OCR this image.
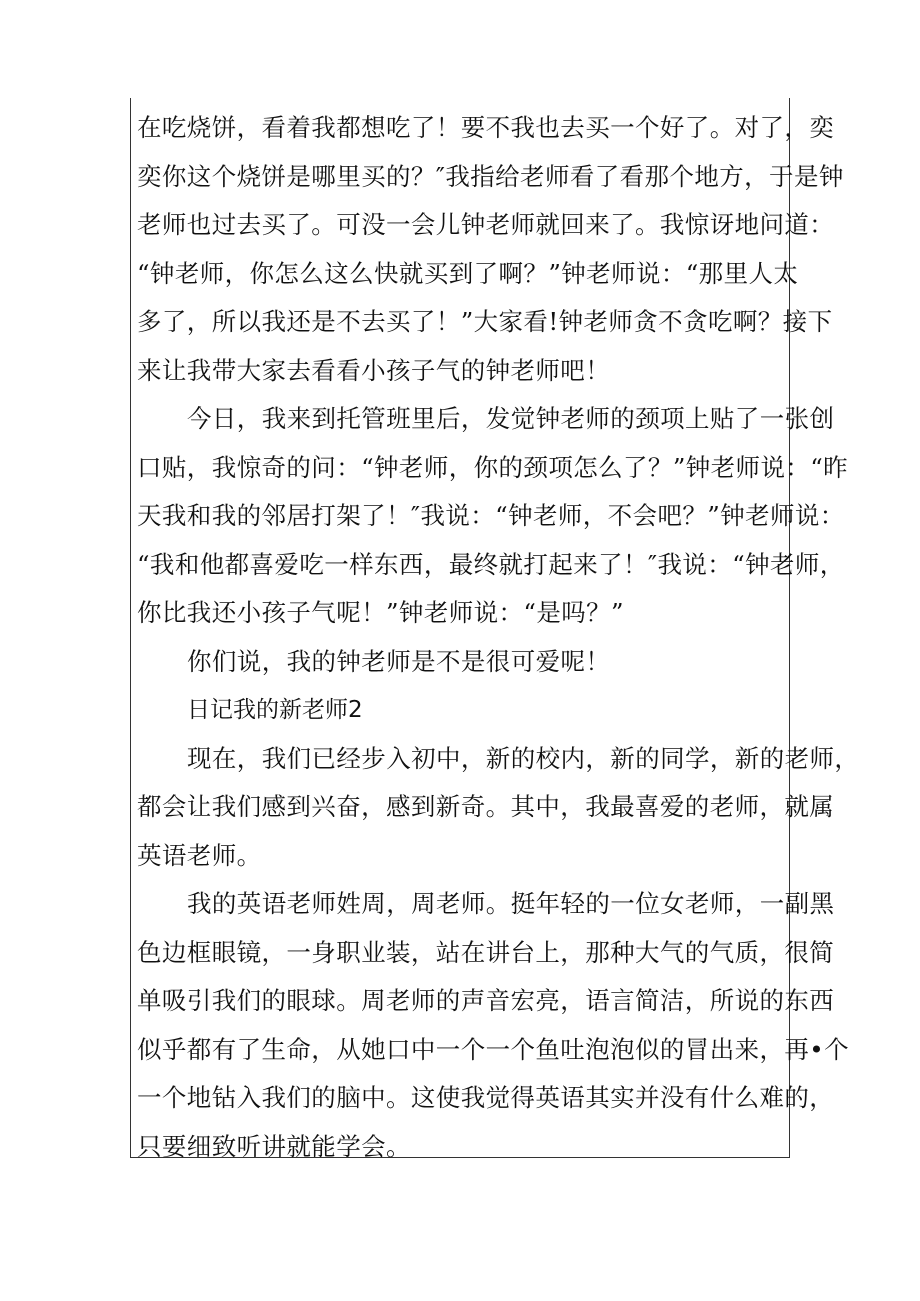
在吃烧饼，看着我都想吃了！要不我也去买一个好了。对了，奕
奕你这个烧饼是哪里买的？″我指给老师看了看那个地方，于是钟
老师也过去买了。可没一会儿钟老师就回来了。我惊讶地问道：
“钟老师，你怎么这么快就买到了啊？”钟老师说：“那里人太
多了，所以我还是不去买了！”大家看!钟老师贪不贪吃啊？接下
来让我带大家去看看小孩子气的钟老师吧！
今日，我来到托管班里后，发觉钟老师的颈项上贴了一张创
口贴，我惊奇的问：“钟老师，你的颈项怎么了？”钟老师说：“昨
天我和我的邻居打架了！″我说：“钟老师，不会吧？”钟老师说：
“我和他都喜爱吃一样东西，最终就打起来了！″我说：“钟老师，
你比我还小孩子气呢！”钟老师说：“是吗？”
你们说，我的钟老师是不是很可爱呢！
日记我的新老师2
现在，我们已经步入初中，新的校内，新的同学，新的老师，
都会让我们感到兴奋，感到新奇。其中，我最喜爱的老师，就属
英语老师。
我的英语老师姓周，周老师。挺年轻的一位女老师，一副黑
色边框眼镜，一身职业装，站在讲台上，那种大气的气质，很简
单吸引我们的眼球。周老师的声音宏亮，语言简洁，所说的东西
似乎都有了生命，从她口中一个一个鱼吐泡泡似的冒出来，再•个
一个地钻入我们的脑中。这使我觉得英语其实并没有什么难的，
只要细致听讲就能学会。
